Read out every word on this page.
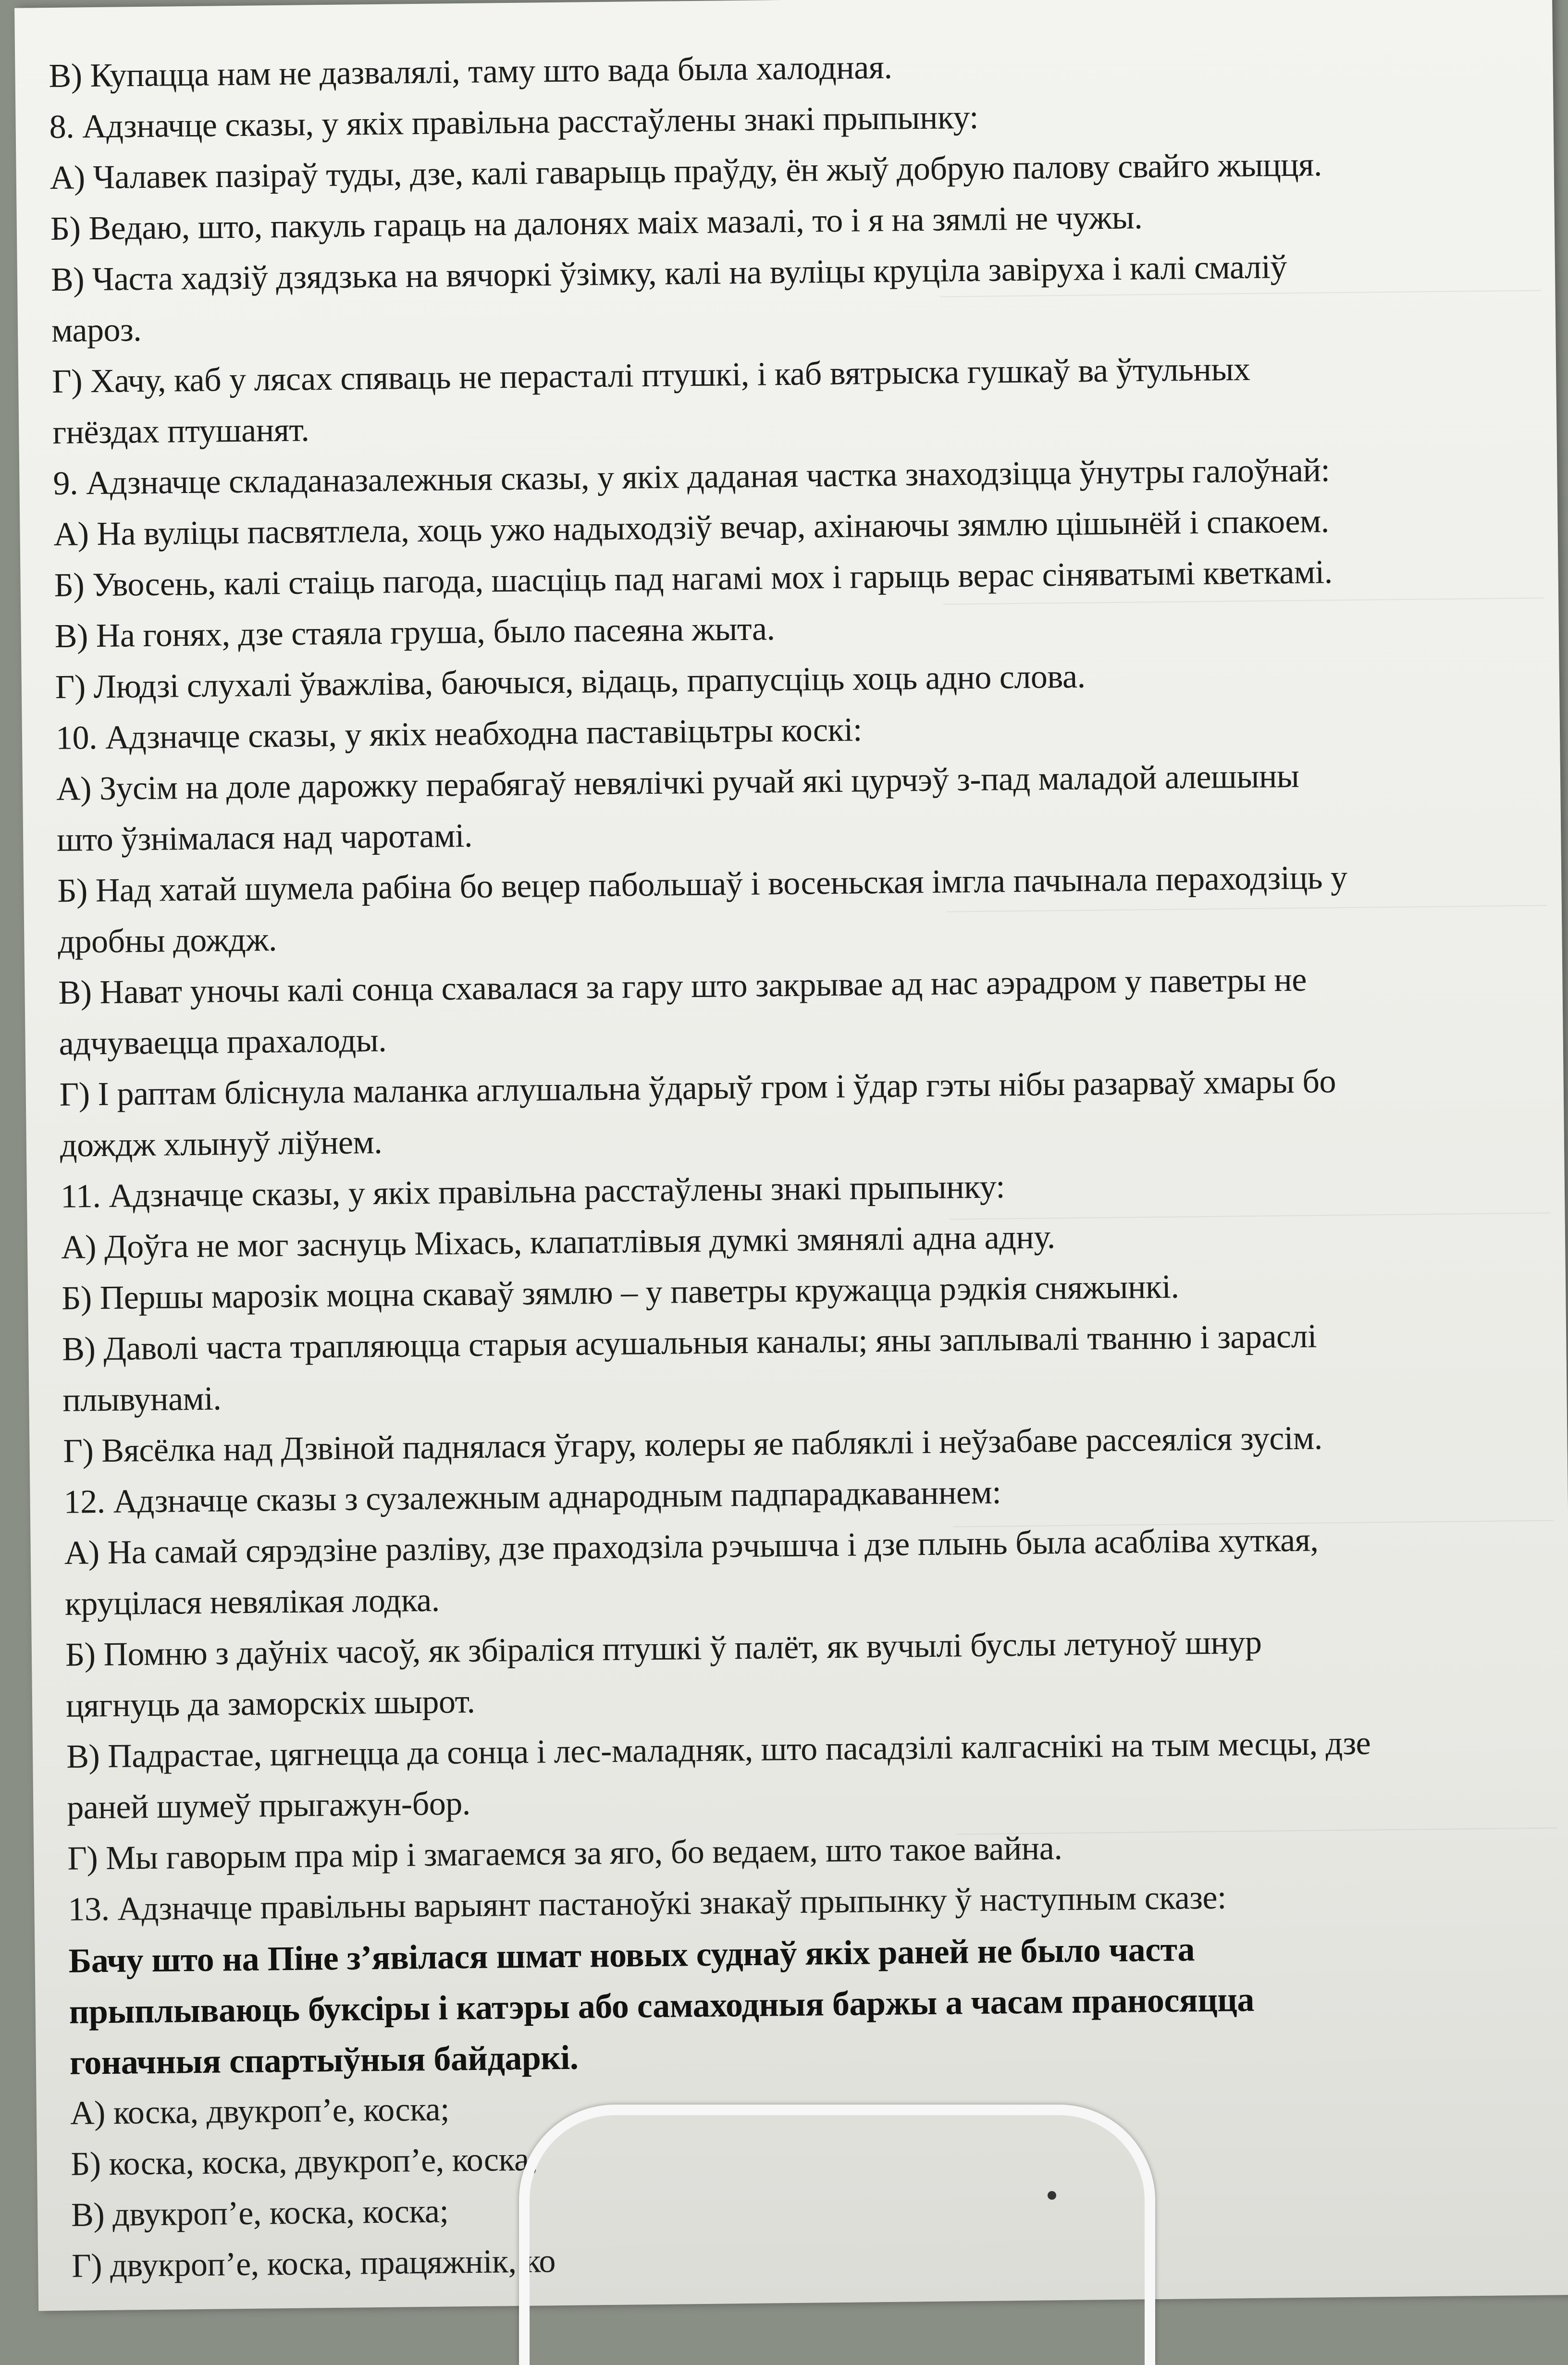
В) Купацца нам не дазвалялі, таму што вада была халодная.
8. Адзначце сказы, у якіх правільна расстаўлены знакі прыпынку:
А) Чалавек пазіраў туды, дзе, калі гаварыць праўду, ён жыў добрую палову свайго жыцця.
Б) Ведаю, што, пакуль гараць на далонях маіх мазалі, то і я на зямлі не чужы.
В) Часта хадзіў дзядзька на вячоркі ўзімку, калі на вуліцы круціла завіруха і калі смаліў
мароз.
Г) Хачу, каб у лясах спяваць не перасталі птушкі, і каб вятрыска гушкаў ва ўтульных
гнёздах птушанят.
9. Адзначце складаназалежныя сказы, у якіх даданая частка знаходзіцца ўнутры галоўнай:
А) На вуліцы пасвятлела, хоць ужо надыходзіў вечар, ахінаючы зямлю цішынёй і спакоем.
Б) Увосень, калі стаіць пагода, шасціць пад нагамі мох і гарыць верас сіняватымі кветкамі.
В) На гонях, дзе стаяла груша, было пасеяна жыта.
Г) Людзі слухалі ўважліва, баючыся, відаць, прапусціць хоць адно слова.
10. Адзначце сказы, у якіх неабходна паставіцьтры коскі:
А) Зусім на доле дарожку перабягаў невялічкі ручай які цурчэў з-пад маладой алешыны
што ўзнімалася над чаротамі.
Б) Над хатай шумела рабіна бо вецер пабольшаў і восеньская імгла пачынала пераходзіць у
дробны дождж.
В) Нават уночы калі сонца схавалася за гару што закрывае ад нас аэрадром у паветры не
адчуваецца прахалоды.
Г) І раптам бліснула маланка аглушальна ўдарыў гром і ўдар гэты нібы разарваў хмары бо
дождж хлынуў ліўнем.
11. Адзначце сказы, у якіх правільна расстаўлены знакі прыпынку:
А) Доўга не мог заснуць Міхась, клапатлівыя думкі змянялі адна адну.
Б) Першы марозік моцна скаваў зямлю – у паветры кружацца рэдкія сняжынкі.
В) Даволі часта трапляюцца старыя асушальныя каналы; яны заплывалі тванню і зараслі
плывунамі.
Г) Вясёлка над Дзвіной паднялася ўгару, колеры яе пабляклі і неўзабаве рассеяліся зусім.
12. Адзначце сказы з сузалежным аднародным падпарадкаваннем:
А) На самай сярэдзіне разліву, дзе праходзіла рэчышча і дзе плынь была асабліва хуткая,
круцілася невялікая лодка.
Б) Помню з даўніх часоў, як збіраліся птушкі ў палёт, як вучылі буслы летуноў шнур
цягнуць да заморскіх шырот.
В) Падрастае, цягнецца да сонца і лес-маладняк, што пасадзілі калгаснікі на тым месцы, дзе
раней шумеў прыгажун-бор.
Г) Мы гаворым пра мір і змагаемся за яго, бо ведаем, што такое вайна.
13. Адзначце правільны варыянт пастаноўкі знакаў прыпынку ў наступным сказе:
Бачу што на Піне з’явілася шмат новых суднаў якіх раней не было часта
прыплываюць буксіры і катэры або самаходныя баржы а часам праносяцца
гоначныя спартыўныя байдаркі.
А) коска, двукроп’е, коска;
Б) коска, коска, двукроп’е, коска;
В) двукроп’е, коска, коска;
Г) двукроп’е, коска, працяжнік, ко
